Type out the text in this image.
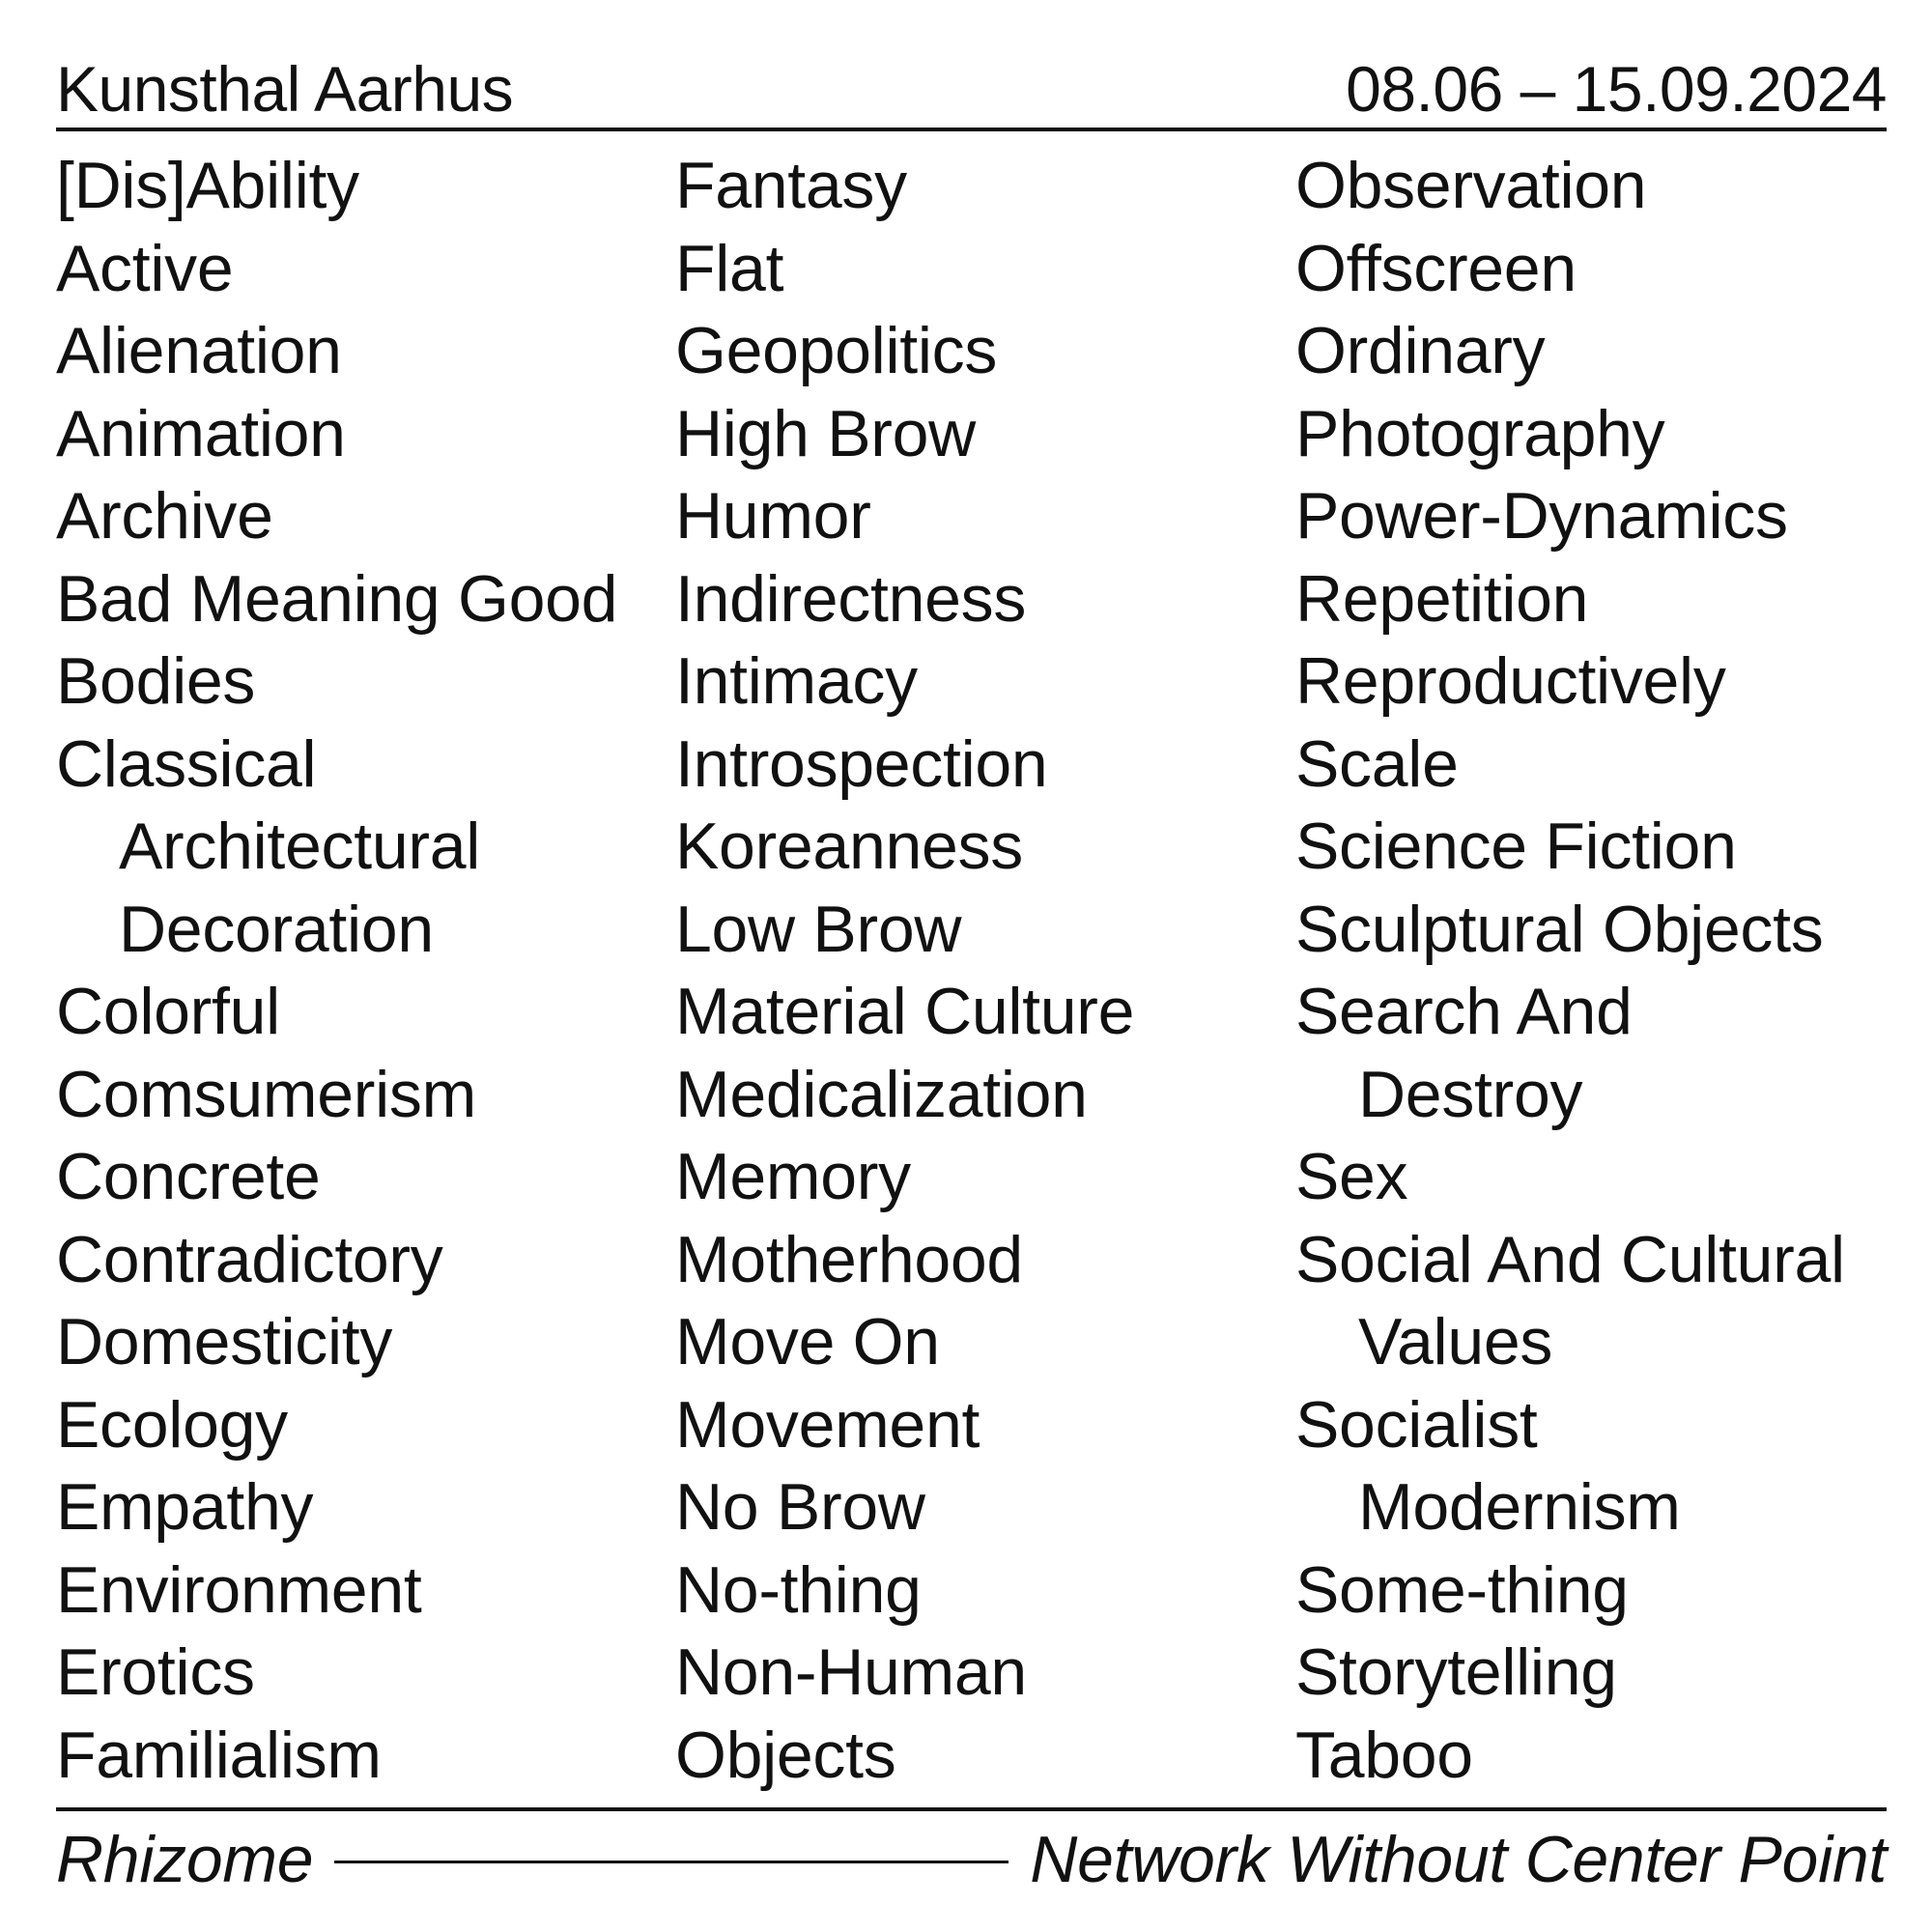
Kunsthal Aarhus	08.06 – 15.09.2024
[Dis]Ability
Active
Alienation
Animation
Archive
Bad Meaning Good
Bodies
Classical
Architectural
Decoration
Colorful
Comsumerism
Concrete
Contradictory
Domesticity
Ecology
Empathy
Environment
Erotics
Familialism
Fantasy
Flat
Geopolitics
High Brow
Humor
Indirectness
Intimacy
Introspection
Koreanness
Low Brow
Material Culture
Medicalization
Memory
Motherhood
Move On
Movement
No Brow
No-thing
Non-Human
Objects
Observation
Offscreen
Ordinary
Photography
Power-Dynamics
Repetition
Reproductively
Scale
Science Fiction
Sculptural Objects
Search And
Destroy
Sex
Social And Cultural
Values
Socialist
Modernism
Some-thing
Storytelling
Taboo
Rhizome	Network Without Center Point
